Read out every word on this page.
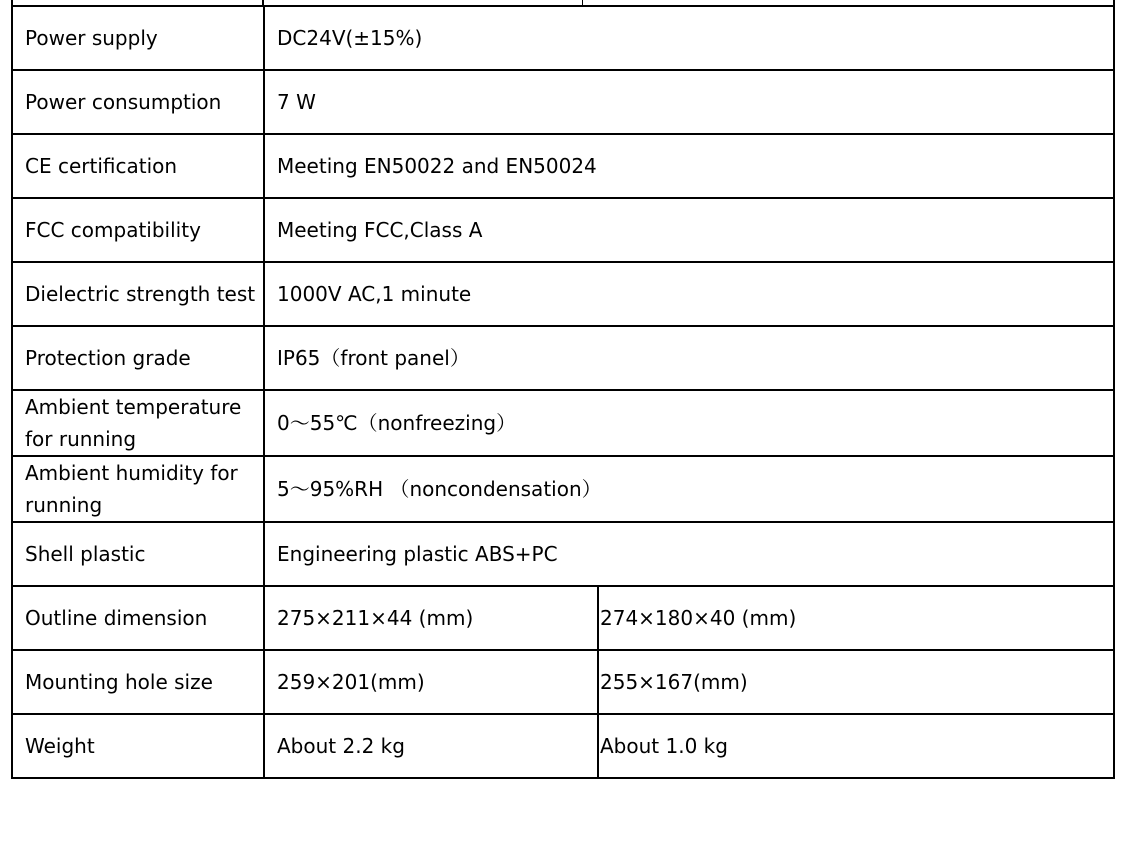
Power supply	DC24V(±15%)	
Power consumption	7 W	
CE certification	Meeting EN50022 and EN50024	
FCC compatibility	Meeting FCC,Class A	
Dielectric strength test	1000V AC,1 minute	
Protection grade	IP65（front panel）	
Ambient temperature for running	0～55℃（nonfreezing）	
Ambient humidity for running	5～95%RH （noncondensation）	
Shell plastic	Engineering plastic ABS+PC	
Outline dimension	275×211×44 (mm)	274×180×40 (mm)
Mounting hole size	259×201(mm)	255×167(mm)
Weight	About 2.2 kg	About 1.0 kg
